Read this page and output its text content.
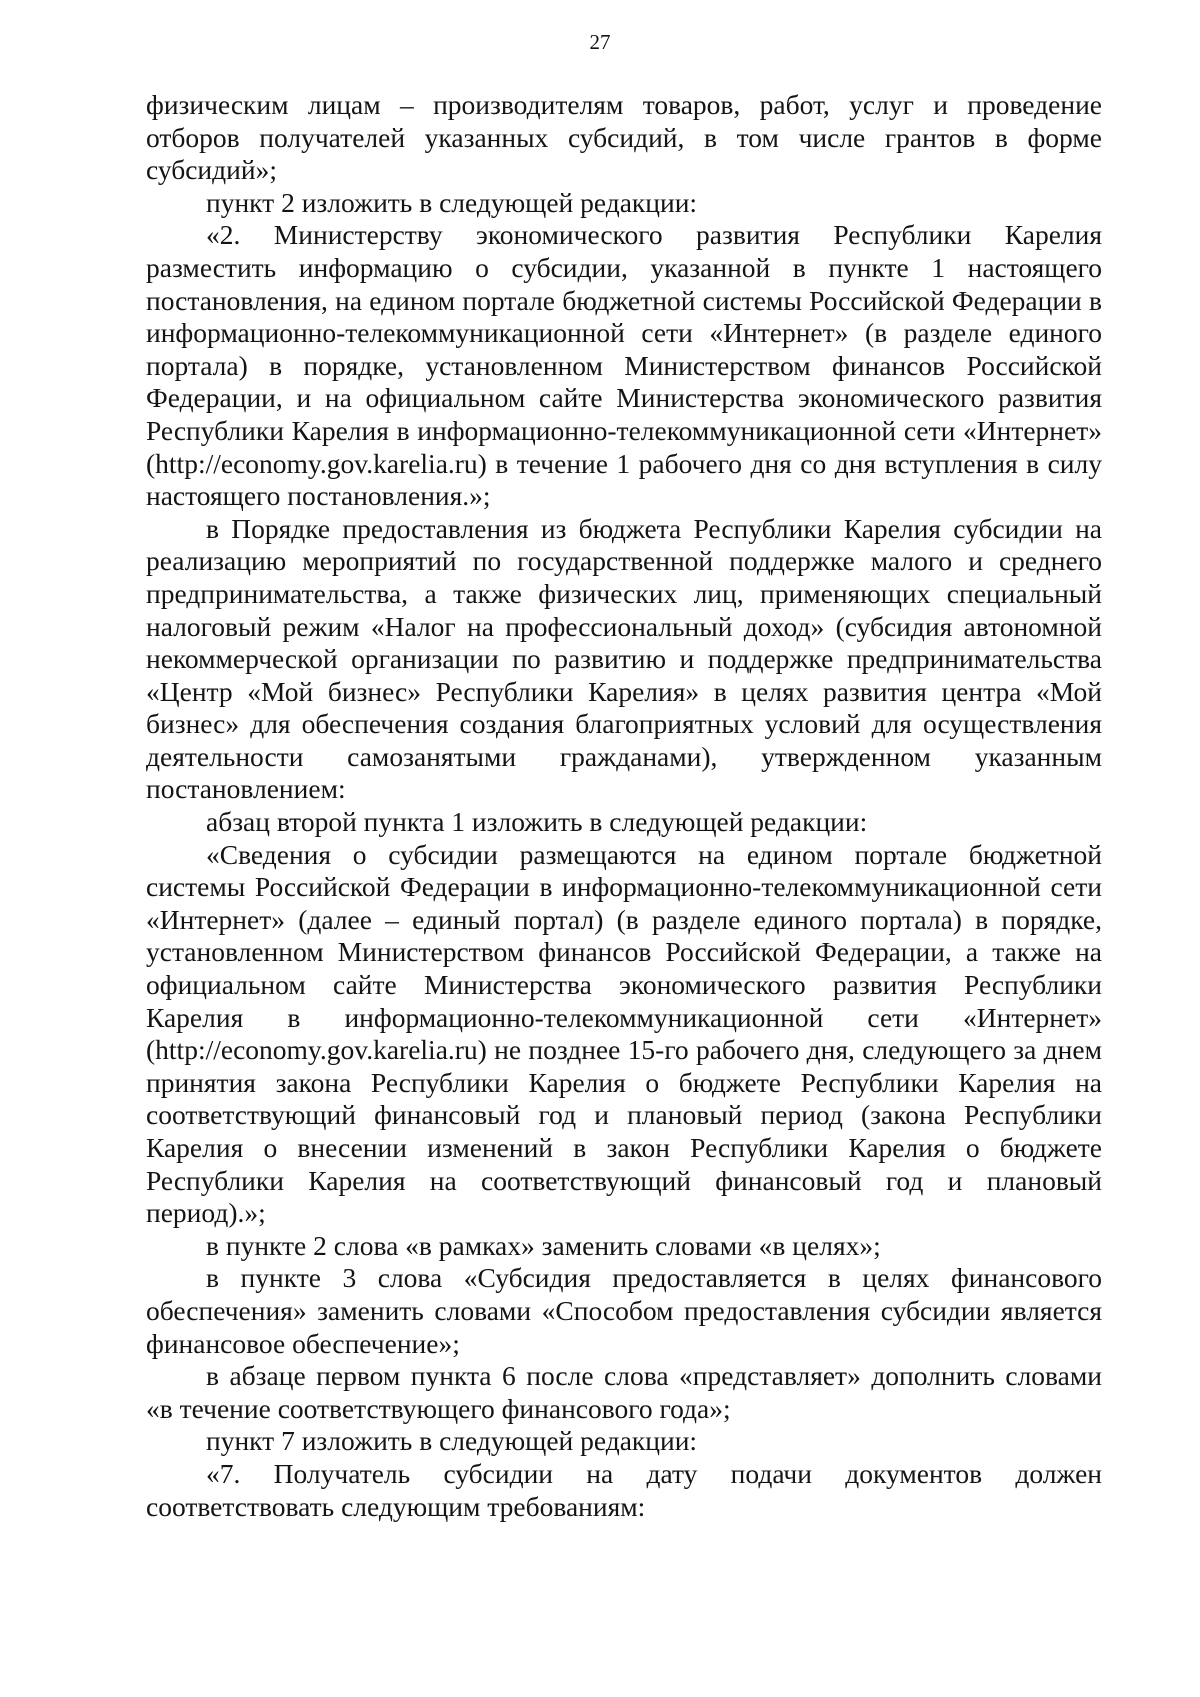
27

физическим лицам – производителям товаров, работ, услуг и проведение отборов получателей указанных субсидий, в том числе грантов в форме субсидий»;

пункт 2 изложить в следующей редакции:

«2. Министерству экономического развития Республики Карелия разместить информацию о субсидии, указанной в пункте 1 настоящего постановления, на едином портале бюджетной системы Российской Федерации в информационно-телекоммуникационной сети «Интернет» (в разделе единого портала) в порядке, установленном Министерством финансов Российской Федерации, и на официальном сайте Министерства экономического развития Республики Карелия в информационно-телекоммуникационной сети «Интернет» (http://economy.gov.karelia.ru) в течение 1 рабочего дня со дня вступления в силу настоящего постановления.»;

в Порядке предоставления из бюджета Республики Карелия субсидии на реализацию мероприятий по государственной поддержке малого и среднего предпринимательства, а также физических лиц, применяющих специальный налоговый режим «Налог на профессиональный доход» (субсидия автономной некоммерческой организации по развитию и поддержке предпринимательства «Центр «Мой бизнес» Республики Карелия» в целях развития центра «Мой бизнес» для обеспечения создания благоприятных условий для осуществления деятельности самозанятыми гражданами), утвержденном указанным постановлением:

абзац второй пункта 1 изложить в следующей редакции:

«Сведения о субсидии размещаются на едином портале бюджетной системы Российской Федерации в информационно-телекоммуникационной сети «Интернет» (далее – единый портал) (в разделе единого портала) в порядке, установленном Министерством финансов Российской Федерации, а также на официальном сайте Министерства экономического развития Республики Карелия в информационно-телекоммуникационной сети «Интернет» (http://economy.gov.karelia.ru) не позднее 15-го рабочего дня, следующего за днем принятия закона Республики Карелия о бюджете Республики Карелия на соответствующий финансовый год и плановый период (закона Республики Карелия о внесении изменений в закон Республики Карелия о бюджете Республики Карелия на соответствующий финансовый год и плановый период).»;

в пункте 2 слова «в рамках» заменить словами «в целях»;

в пункте 3 слова «Субсидия предоставляется в целях финансового обеспечения» заменить словами «Способом предоставления субсидии является финансовое обеспечение»;

в абзаце первом пункта 6 после слова «представляет» дополнить словами «в течение соответствующего финансового года»;

пункт 7 изложить в следующей редакции:

«7. Получатель субсидии на дату подачи документов должен соответствовать следующим требованиям:
